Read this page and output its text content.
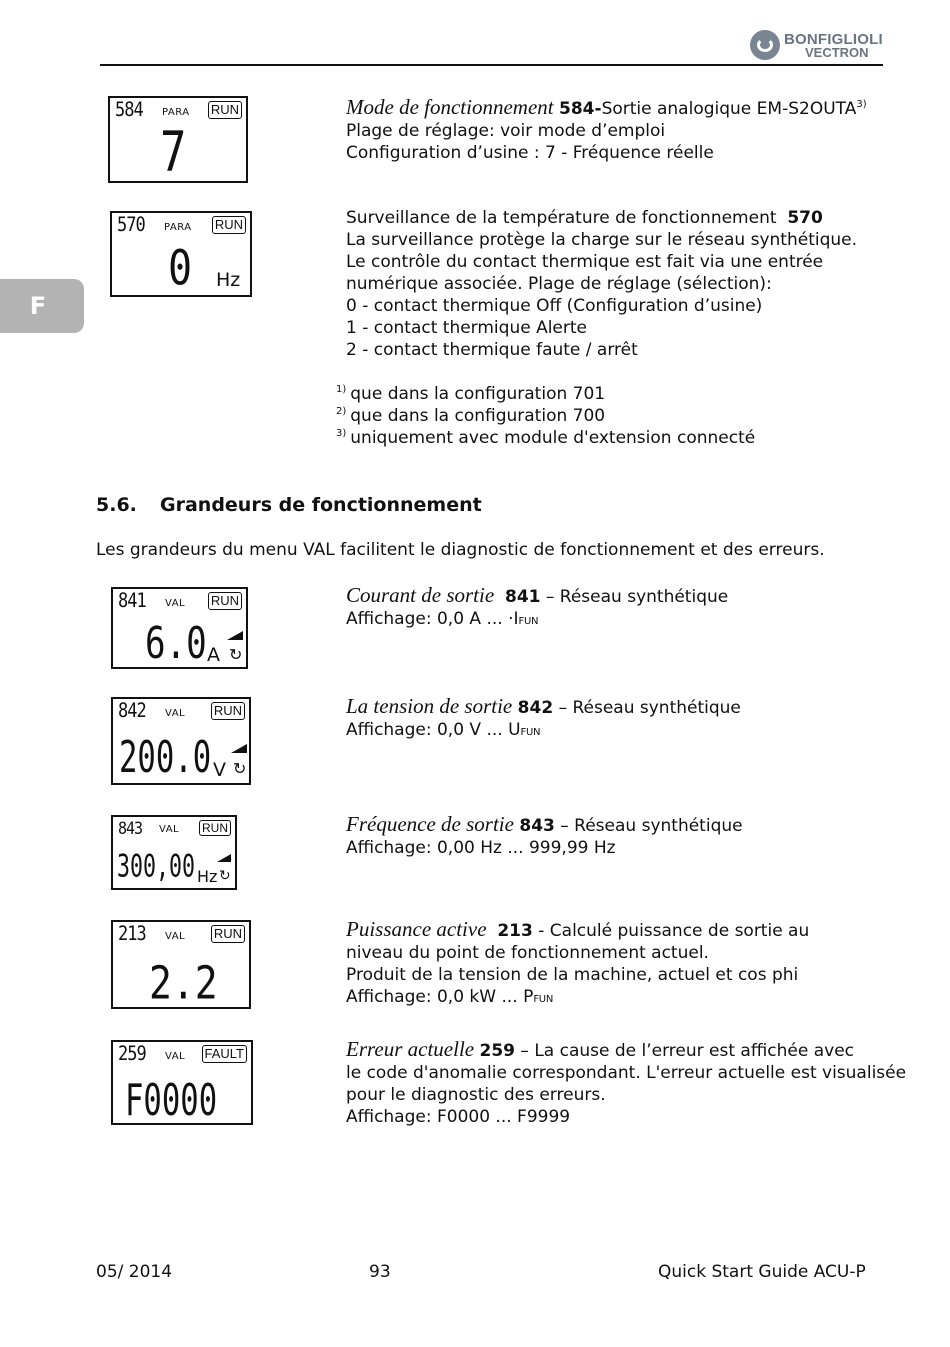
BONFIGLIOLI
VECTRON
F
584 PARA RUN
7
Mode de fonctionnement 584-Sortie analogique EM-S2OUTA$^{3)}$
Plage de réglage: voir mode d’emploi
Configuration d’usine : 7 - Fréquence réelle
570 PARA RUN
0 Hz
Surveillance de la température de fonctionnement 570
La surveillance protège la charge sur le réseau synthétique.
Le contrôle du contact thermique est fait via une entrée
numérique associée. Plage de réglage (sélection):
0 - contact thermique Off (Configuration d’usine)
1 - contact thermique Alerte
2 - contact thermique faute / arrêt
$^{1)}$ que dans la configuration 701
$^{2)}$ que dans la configuration 700
$^{3)}$ uniquement avec module d'extension connecté
5.6. Grandeurs de fonctionnement
Les grandeurs du menu VAL facilitent le diagnostic de fonctionnement et des erreurs.
841 VAL RUN
6.0 A ↻
Courant de sortie 841 – Réseau synthétique
Affichage: 0,0 A ... ·IFUN
842 VAL RUN
200.0 V ↻
La tension de sortie 842 – Réseau synthétique
Affichage: 0,0 V ... UFUN
843 VAL RUN
300,00 Hz ↻
Fréquence de sortie 843 – Réseau synthétique
Affichage: 0,00 Hz ... 999,99 Hz
213 VAL RUN
2.2
Puissance active 213 - Calculé puissance de sortie au
niveau du point de fonctionnement actuel.
Produit de la tension de la machine, actuel et cos phi
Affichage: 0,0 kW ... PFUN
259 VAL FAULT
F0000
Erreur actuelle 259 – La cause de l’erreur est affichée avec
le code d'anomalie correspondant. L'erreur actuelle est visualisée
pour le diagnostic des erreurs.
Affichage: F0000 ... F9999
05/ 2014	93	Quick Start Guide ACU-P
